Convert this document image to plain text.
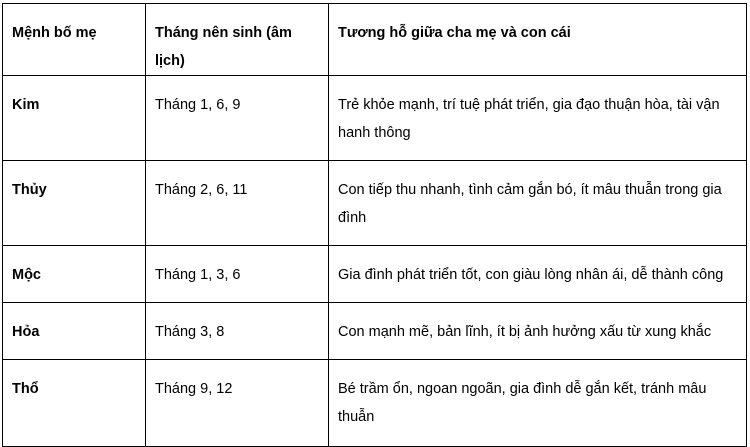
Mệnh bố mẹ	Tháng nên sinh (âm lịch)	Tương hỗ giữa cha mẹ và con cái
Kim	Tháng 1, 6, 9	Trẻ khỏe mạnh, trí tuệ phát triển, gia đạo thuận hòa, tài vận hanh thông
Thủy	Tháng 2, 6, 11	Con tiếp thu nhanh, tình cảm gắn bó, ít mâu thuẫn trong gia đình
Mộc	Tháng 1, 3, 6	Gia đình phát triển tốt, con giàu lòng nhân ái, dễ thành công
Hỏa	Tháng 3, 8	Con mạnh mẽ, bản lĩnh, ít bị ảnh hưởng xấu từ xung khắc
Thổ	Tháng 9, 12	Bé trầm ổn, ngoan ngoãn, gia đình dễ gắn kết, tránh mâu thuẫn
